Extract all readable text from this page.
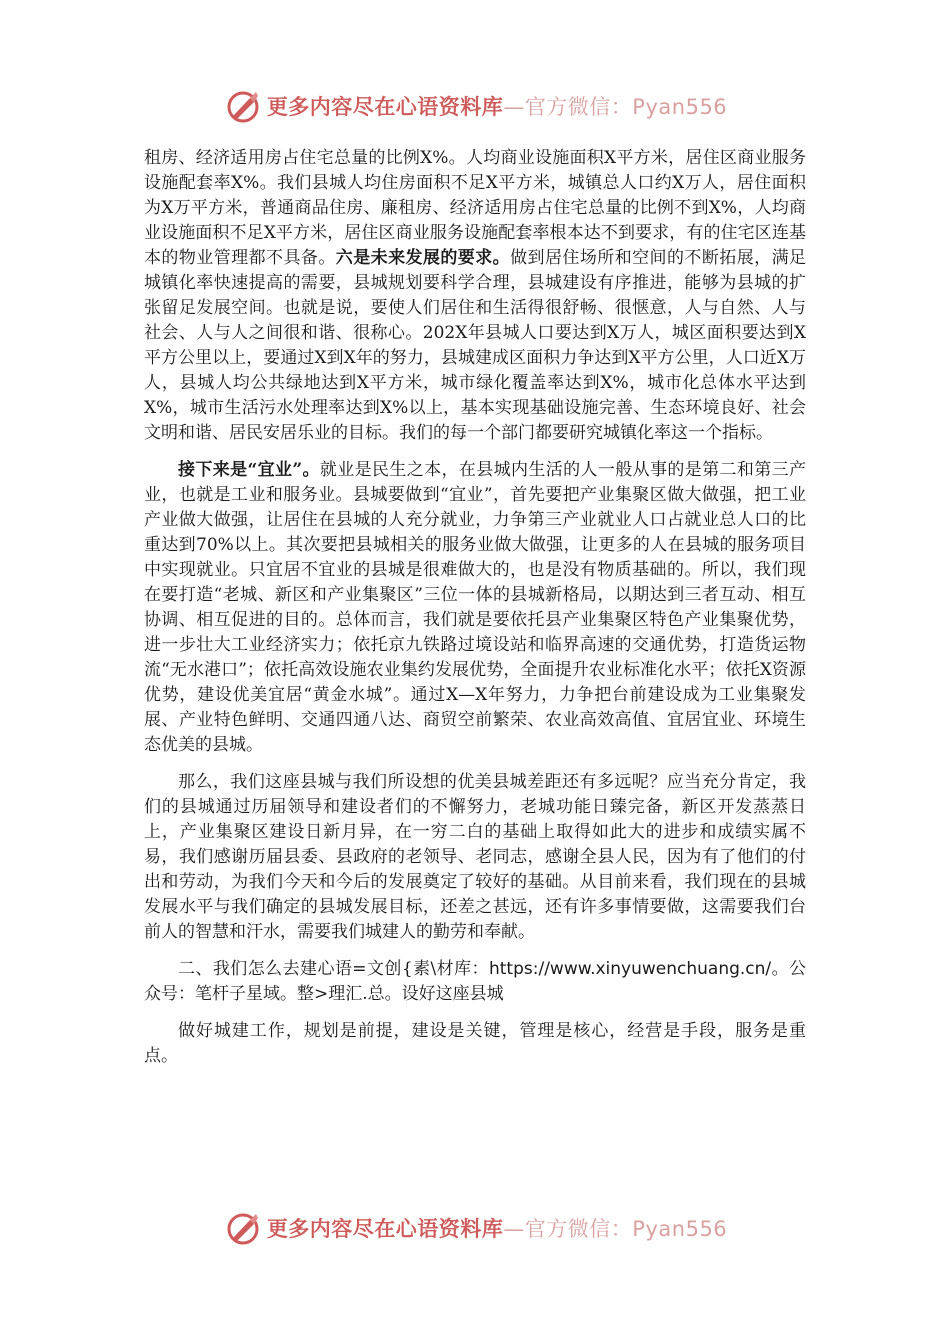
更多内容尽在心语资料库—官方微信：Pyan556

租房、经济适用房占住宅总量的比例X%。人均商业设施面积X平方米，居住区商业服务设施配套率X%。我们县城人均住房面积不足X平方米，城镇总人口约X万人，居住面积为X万平方米，普通商品住房、廉租房、经济适用房占住宅总量的比例不到X%，人均商业设施面积不足X平方米，居住区商业服务设施配套率根本达不到要求，有的住宅区连基本的物业管理都不具备。六是未来发展的要求。做到居住场所和空间的不断拓展，满足城镇化率快速提高的需要，县城规划要科学合理，县城建设有序推进，能够为县城的扩张留足发展空间。也就是说，要使人们居住和生活得很舒畅、很惬意，人与自然、人与社会、人与人之间很和谐、很称心。202X年县城人口要达到X万人，城区面积要达到X平方公里以上，要通过X到X年的努力，县城建成区面积力争达到X平方公里，人口近X万人，县城人均公共绿地达到X平方米，城市绿化覆盖率达到X%，城市化总体水平达到X%，城市生活污水处理率达到X%以上，基本实现基础设施完善、生态环境良好、社会文明和谐、居民安居乐业的目标。我们的每一个部门都要研究城镇化率这一个指标。

接下来是“宜业”。就业是民生之本，在县城内生活的人一般从事的是第二和第三产业，也就是工业和服务业。县城要做到“宜业”，首先要把产业集聚区做大做强，把工业产业做大做强，让居住在县城的人充分就业，力争第三产业就业人口占就业总人口的比重达到70%以上。其次要把县城相关的服务业做大做强，让更多的人在县城的服务项目中实现就业。只宜居不宜业的县城是很难做大的，也是没有物质基础的。所以，我们现在要打造“老城、新区和产业集聚区”三位一体的县城新格局，以期达到三者互动、相互协调、相互促进的目的。总体而言，我们就是要依托县产业集聚区特色产业集聚优势，进一步壮大工业经济实力；依托京九铁路过境设站和临界高速的交通优势，打造货运物流“无水港口”；依托高效设施农业集约发展优势，全面提升农业标准化水平；依托X资源优势，建设优美宜居“黄金水城”。通过X—X年努力，力争把台前建设成为工业集聚发展、产业特色鲜明、交通四通八达、商贸空前繁荣、农业高效高值、宜居宜业、环境生态优美的县城。

那么，我们这座县城与我们所设想的优美县城差距还有多远呢？应当充分肯定，我们的县城通过历届领导和建设者们的不懈努力，老城功能日臻完备，新区开发蒸蒸日上，产业集聚区建设日新月异，在一穷二白的基础上取得如此大的进步和成绩实属不易，我们感谢历届县委、县政府的老领导、老同志，感谢全县人民，因为有了他们的付出和劳动，为我们今天和今后的发展奠定了较好的基础。从目前来看，我们现在的县城发展水平与我们确定的县城发展目标，还差之甚远，还有许多事情要做，这需要我们台前人的智慧和汗水，需要我们城建人的勤劳和奉献。

二、我们怎么去建心语=文创{素\材库：https://www.xinyuwenchuang.cn/。公众号：笔杆子星域。整>理汇.总。设好这座县城

做好城建工作，规划是前提，建设是关键，管理是核心，经营是手段，服务是重点。

更多内容尽在心语资料库—官方微信：Pyan556
